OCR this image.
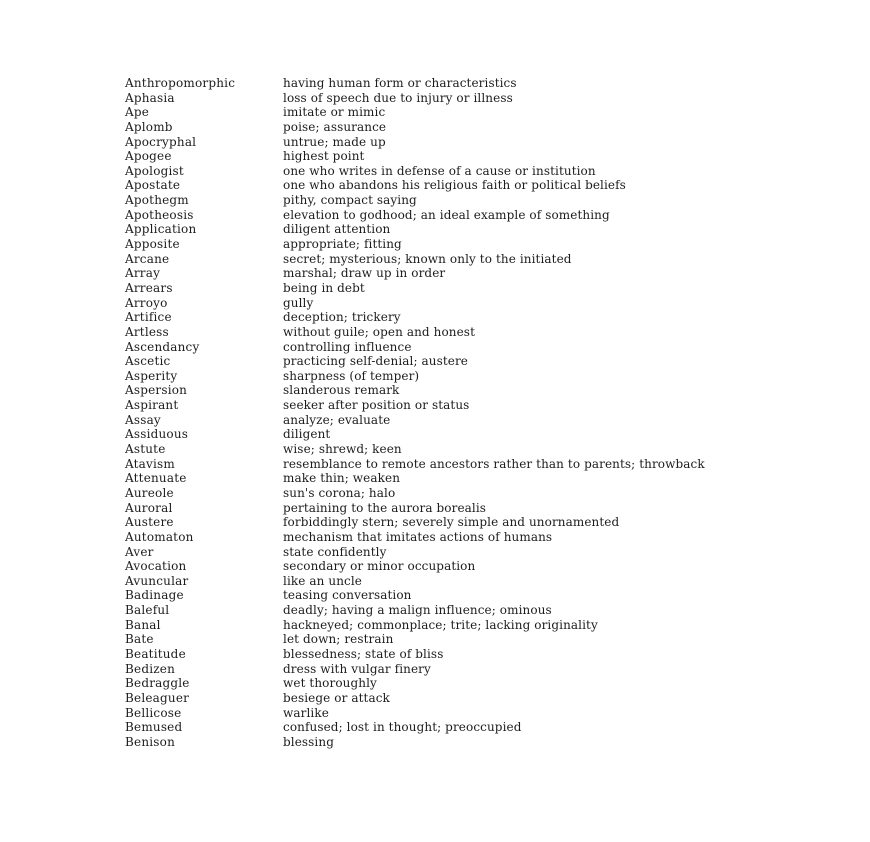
Anthropomorphic	having human form or characteristics
Aphasia	loss of speech due to injury or illness
Ape	imitate or mimic
Aplomb	poise; assurance
Apocryphal	untrue; made up
Apogee	highest point
Apologist	one who writes in defense of a cause or institution
Apostate	one who abandons his religious faith or political beliefs
Apothegm	pithy, compact saying
Apotheosis	elevation to godhood; an ideal example of something
Application	diligent attention
Apposite	appropriate; fitting
Arcane	secret; mysterious; known only to the initiated
Array	marshal; draw up in order
Arrears	being in debt
Arroyo	gully
Artifice	deception; trickery
Artless	without guile; open and honest
Ascendancy	controlling influence
Ascetic	practicing self-denial; austere
Asperity	sharpness (of temper)
Aspersion	slanderous remark
Aspirant	seeker after position or status
Assay	analyze; evaluate
Assiduous	diligent
Astute	wise; shrewd; keen
Atavism	resemblance to remote ancestors rather than to parents; throwback
Attenuate	make thin; weaken
Aureole	sun's corona; halo
Auroral	pertaining to the aurora borealis
Austere	forbiddingly stern; severely simple and unornamented
Automaton	mechanism that imitates actions of humans
Aver	state confidently
Avocation	secondary or minor occupation
Avuncular	like an uncle
Badinage	teasing conversation
Baleful	deadly; having a malign influence; ominous
Banal	hackneyed; commonplace; trite; lacking originality
Bate	let down; restrain
Beatitude	blessedness; state of bliss
Bedizen	dress with vulgar finery
Bedraggle	wet thoroughly
Beleaguer	besiege or attack
Bellicose	warlike
Bemused	confused; lost in thought; preoccupied
Benison	blessing
